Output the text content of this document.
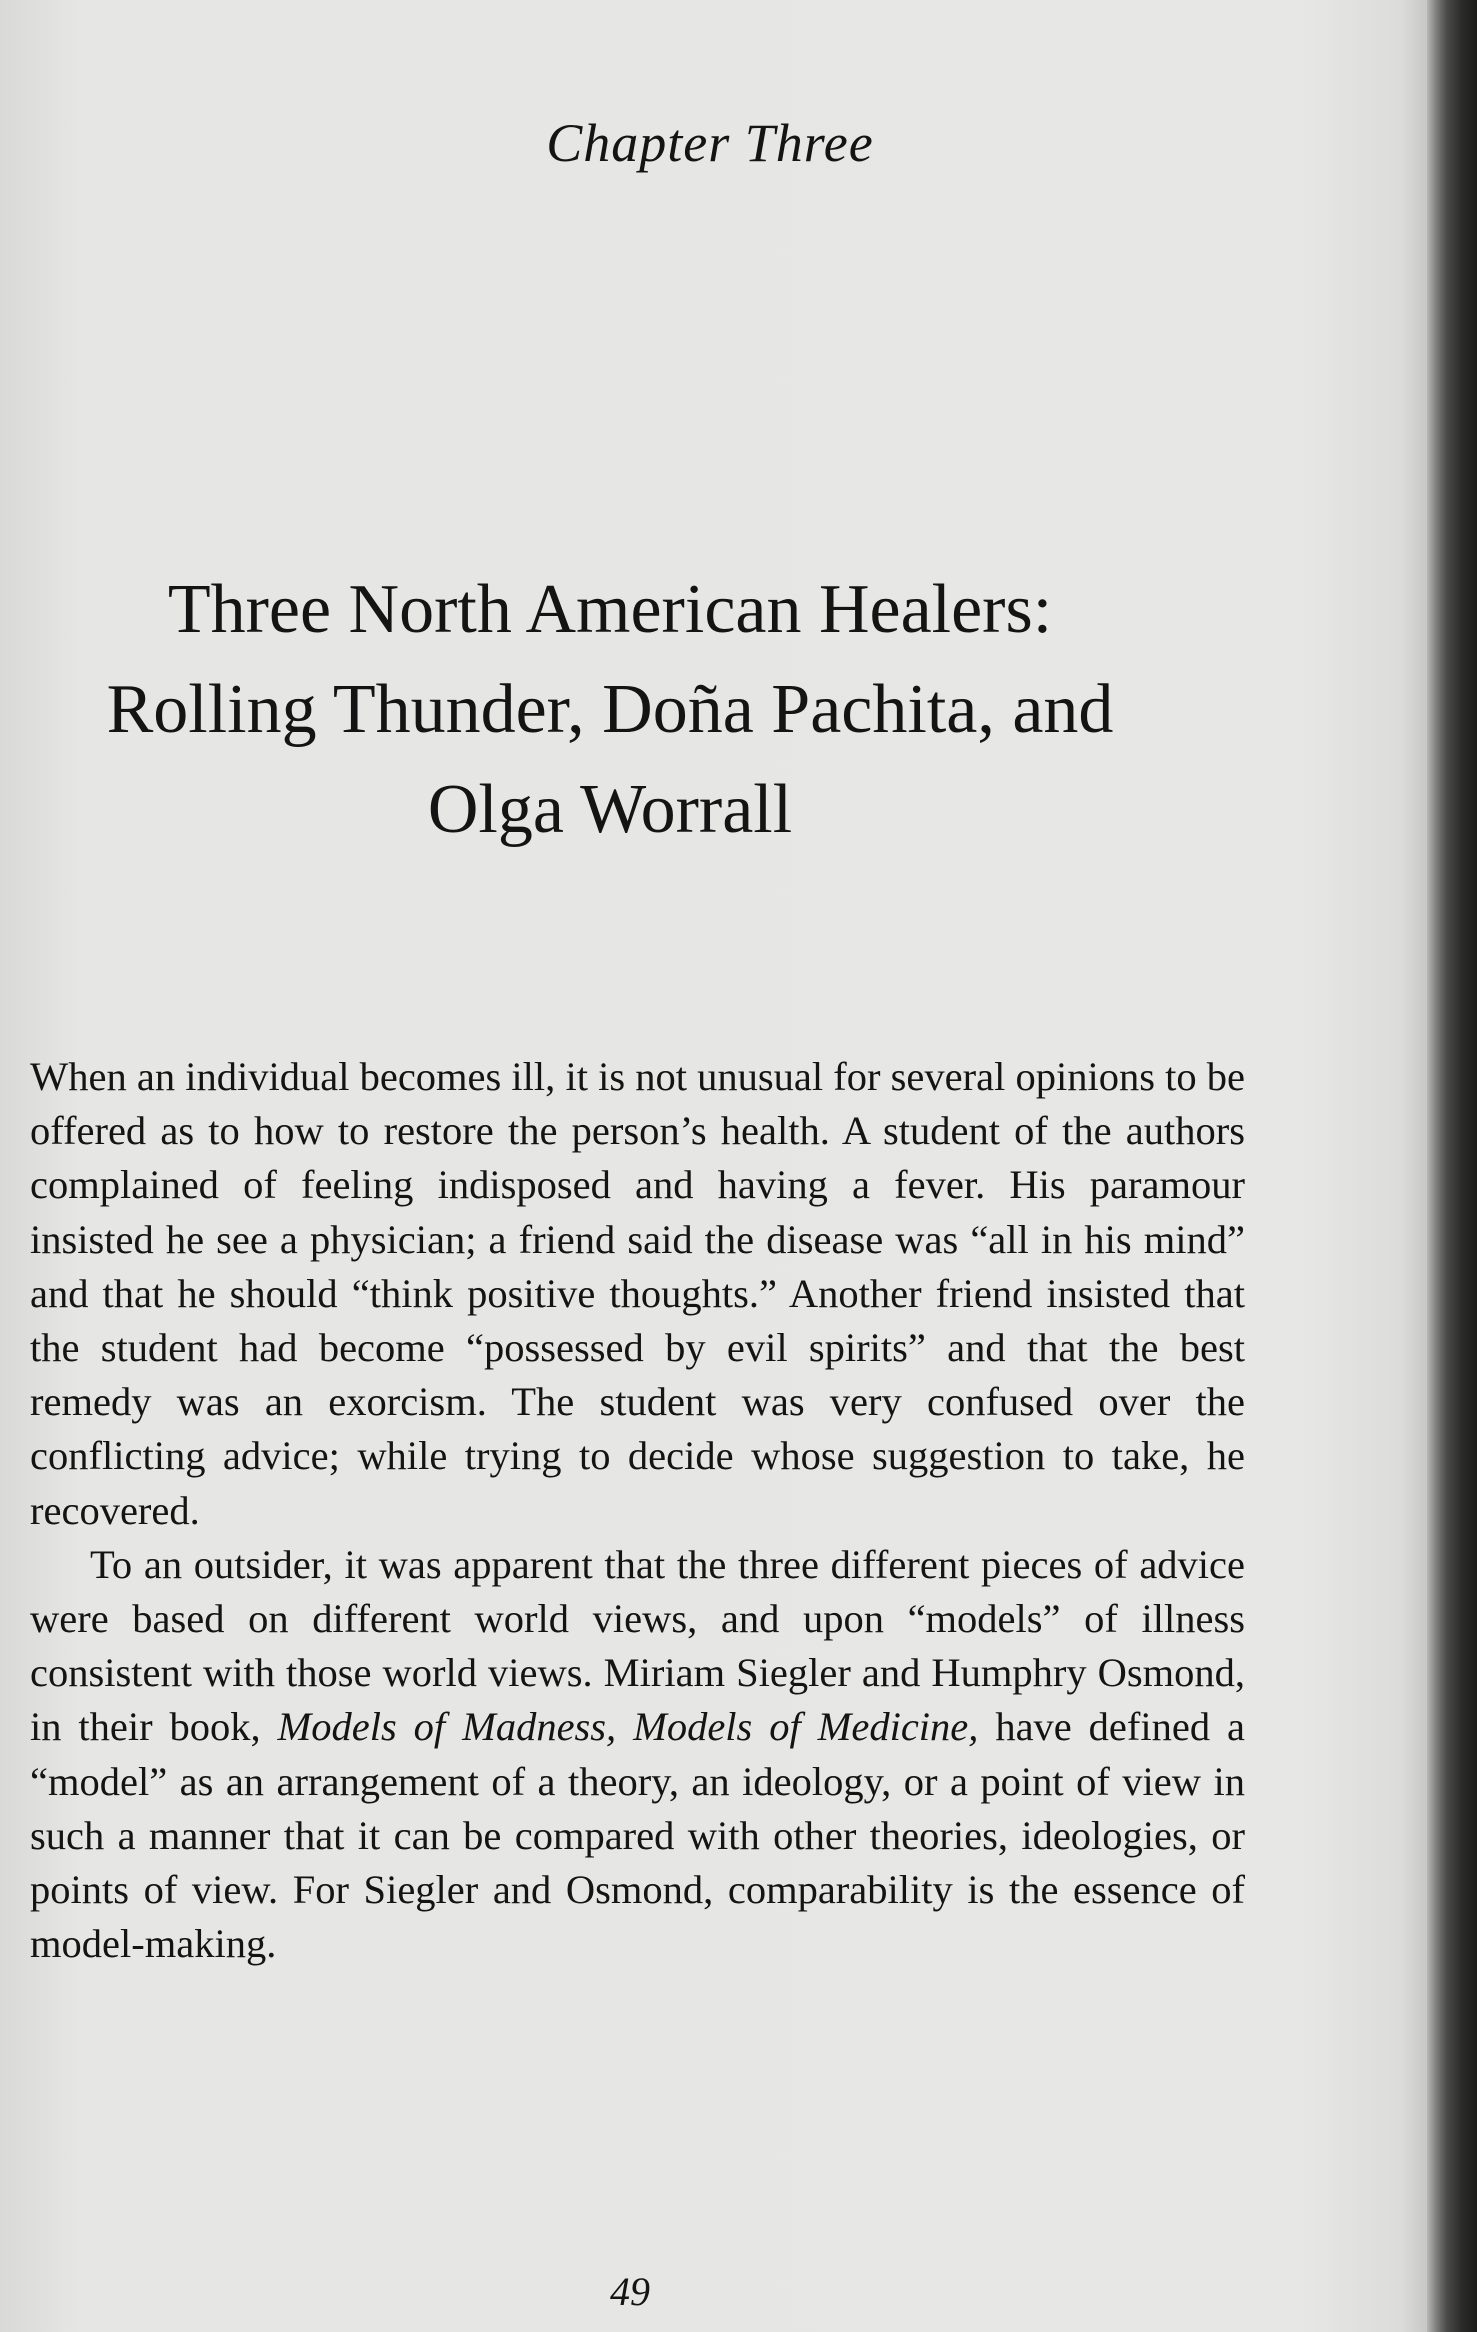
Chapter Three
Three North American Healers:
Rolling Thunder, Doña Pachita, and
Olga Worrall

When an individual becomes ill, it is not unusual for several opinions to be offered as to how to restore the person’s health. A student of the authors complained of feeling indisposed and having a fever. His paramour insisted he see a physician; a friend said the disease was “all in his mind” and that he should “think positive thoughts.” Another friend insisted that the student had become “possessed by evil spirits” and that the best remedy was an exorcism. The student was very confused over the conflicting advice; while trying to decide whose suggestion to take, he recovered.

To an outsider, it was apparent that the three different pieces of advice were based on different world views, and upon “models” of illness consistent with those world views. Miriam Siegler and Humphry Osmond, in their book, Models of Madness, Models of Medicine, have defined a “model” as an arrangement of a theory, an ideology, or a point of view in such a manner that it can be compared with other theories, ideologies, or points of view. For Siegler and Osmond, comparability is the essence of model-making.

49
